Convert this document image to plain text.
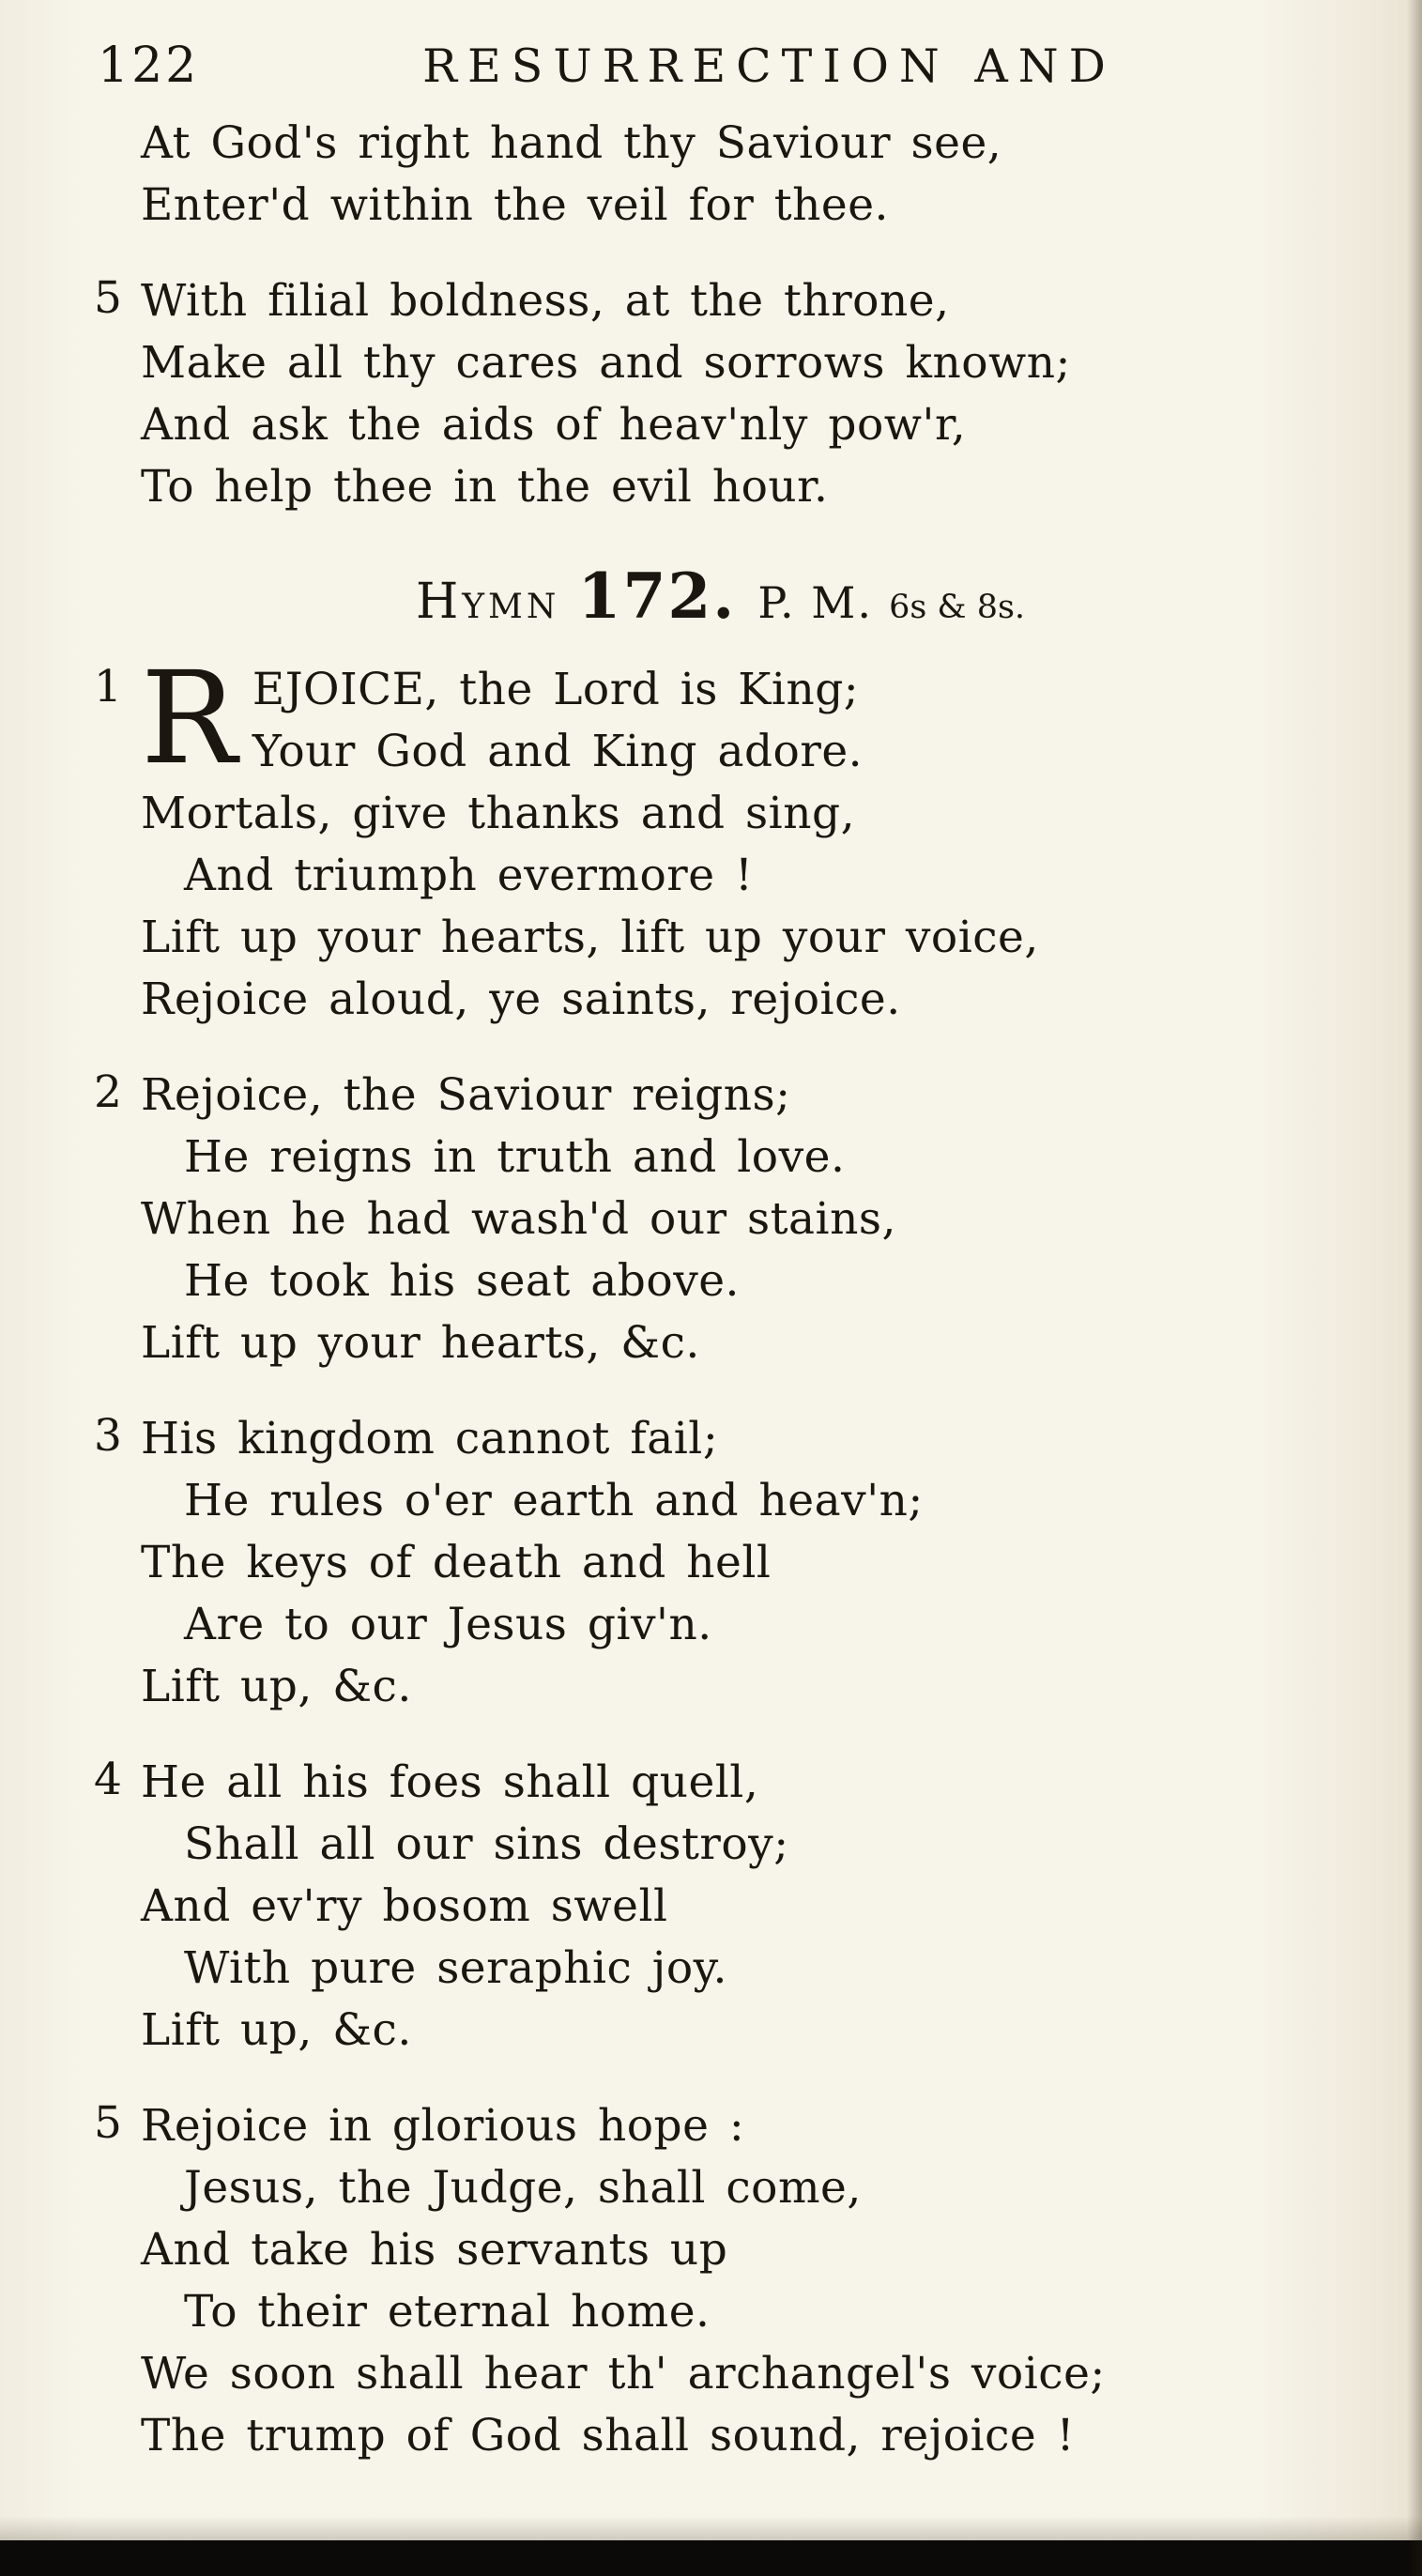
122	RESURRECTION AND
At God's right hand thy Saviour see,
Enter'd within the veil for thee.
5 With filial boldness, at the throne,
Make all thy cares and sorrows known;
And ask the aids of heav'nly pow'r,
To help thee in the evil hour.
Hymn 172. P. M. 6s & 8s.
1 R EJOICE, the Lord is King;
Your God and King adore.
Mortals, give thanks and sing,
And triumph evermore !
Lift up your hearts, lift up your voice,
Rejoice aloud, ye saints, rejoice.
2 Rejoice, the Saviour reigns;
He reigns in truth and love.
When he had wash'd our stains,
He took his seat above.
Lift up your hearts, &c.
3 His kingdom cannot fail;
He rules o'er earth and heav'n;
The keys of death and hell
Are to our Jesus giv'n.
Lift up, &c.
4 He all his foes shall quell,
Shall all our sins destroy;
And ev'ry bosom swell
With pure seraphic joy.
Lift up, &c.
5 Rejoice in glorious hope :
Jesus, the Judge, shall come,
And take his servants up
To their eternal home.
We soon shall hear th' archangel's voice;
The trump of God shall sound, rejoice !
